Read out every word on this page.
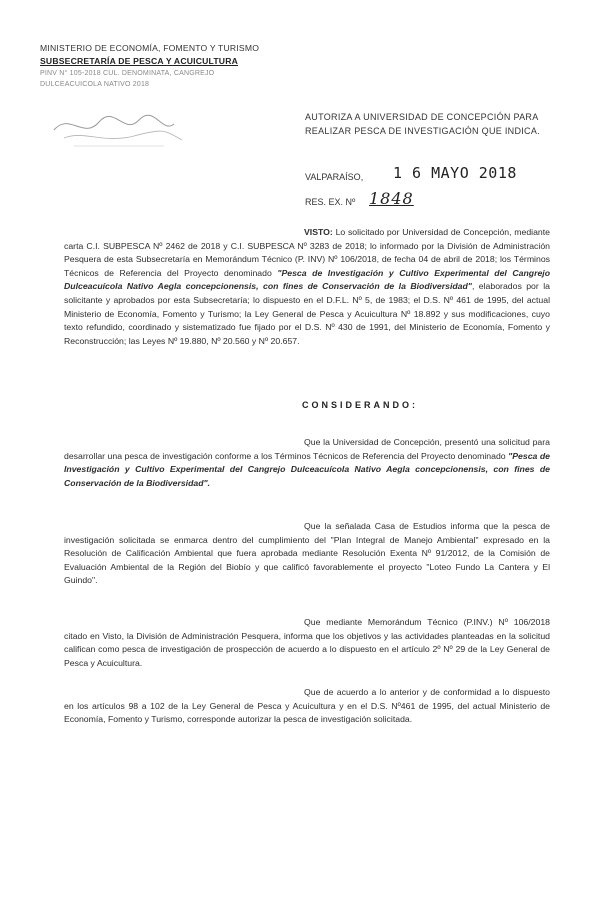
MINISTERIO DE ECONOMÍA, FOMENTO Y TURISMO
SUBSECRETARÍA DE PESCA Y ACUICULTURA
PINV N° 105-2018 CUL. DENOMINATA, CANGREJO
DULCEACUICOLA NATIVO 2018
AUTORIZA A UNIVERSIDAD DE CONCEPCIÓN PARA REALIZAR PESCA DE INVESTIGACIÓN QUE INDICA.
VALPARAÍSO, 1 6 MAYO 2018
RES. EX. Nº 1848
VISTO: Lo solicitado por Universidad de Concepción, mediante carta C.I. SUBPESCA Nº 2462 de 2018 y C.I. SUBPESCA Nº 3283 de 2018; lo informado por la División de Administración Pesquera de esta Subsecretaría en Memorándum Técnico (P. INV) Nº 106/2018, de fecha 04 de abril de 2018; los Términos Técnicos de Referencia del Proyecto denominado "Pesca de Investigación y Cultivo Experimental del Cangrejo Dulceacuícola Nativo Aegla concepcionensis, con fines de Conservación de la Biodiversidad", elaborados por la solicitante y aprobados por esta Subsecretaría; lo dispuesto en el D.F.L. Nº 5, de 1983; el D.S. Nº 461 de 1995, del actual Ministerio de Economía, Fomento y Turismo; la Ley General de Pesca y Acuicultura Nº 18.892 y sus modificaciones, cuyo texto refundido, coordinado y sistematizado fue fijado por el D.S. Nº 430 de 1991, del Ministerio de Economía, Fomento y Reconstrucción; las Leyes Nº 19.880, Nº 20.560 y Nº 20.657.
CONSIDERANDO:
Que la Universidad de Concepción, presentó una solicitud para desarrollar una pesca de investigación conforme a los Términos Técnicos de Referencia del Proyecto denominado "Pesca de Investigación y Cultivo Experimental del Cangrejo Dulceacuícola Nativo Aegla concepcionensis, con fines de Conservación de la Biodiversidad".
Que la señalada Casa de Estudios informa que la pesca de investigación solicitada se enmarca dentro del cumplimiento del "Plan Integral de Manejo Ambiental" expresado en la Resolución de Calificación Ambiental que fuera aprobada mediante Resolución Exenta Nº 91/2012, de la Comisión de Evaluación Ambiental de la Región del Biobío y que calificó favorablemente el proyecto "Loteo Fundo La Cantera y El Guindo".
Que mediante Memorándum Técnico (P.INV.) Nº 106/2018 citado en Visto, la División de Administración Pesquera, informa que los objetivos y las actividades planteadas en la solicitud califican como pesca de investigación de prospección de acuerdo a lo dispuesto en el artículo 2º Nº 29 de la Ley General de Pesca y Acuicultura.
Que de acuerdo a lo anterior y de conformidad a lo dispuesto en los artículos 98 a 102 de la Ley General de Pesca y Acuicultura y en el D.S. Nº461 de 1995, del actual Ministerio de Economía, Fomento y Turismo, corresponde autorizar la pesca de investigación solicitada.
